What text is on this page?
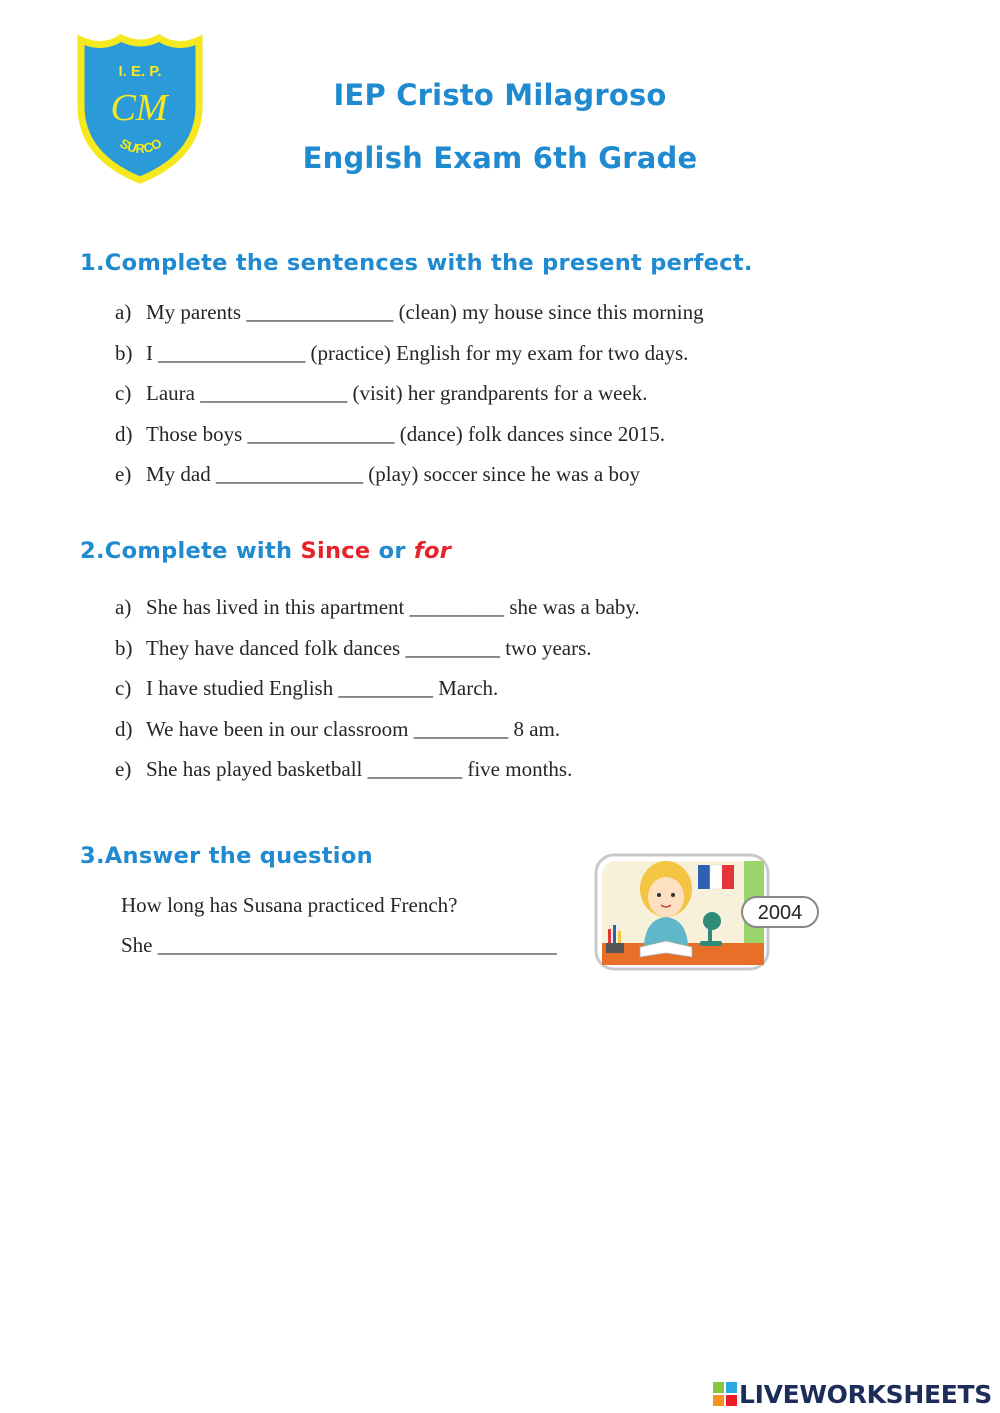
I. E. P.
CM
SURCO
IEP Cristo Milagroso
English Exam 6th Grade
1.Complete the sentences with the present perfect.
a) My parents ______________ (clean) my house since this morning
b) I ______________ (practice) English for my exam for two days.
c) Laura ______________ (visit) her grandparents for a week.
d) Those boys ______________ (dance) folk dances since 2015.
e) My dad ______________ (play) soccer since he was a boy
2.Complete with Since or for
a) She has lived in this apartment _________ she was a baby.
b) They have danced folk dances _________ two years.
c) I have studied English _________ March.
d) We have been in our classroom _________ 8 am.
e) She has played basketball _________ five months.
3.Answer the question
How long has Susana practiced French?
She ______________________________________
2004
LIVEWORKSHEETS
